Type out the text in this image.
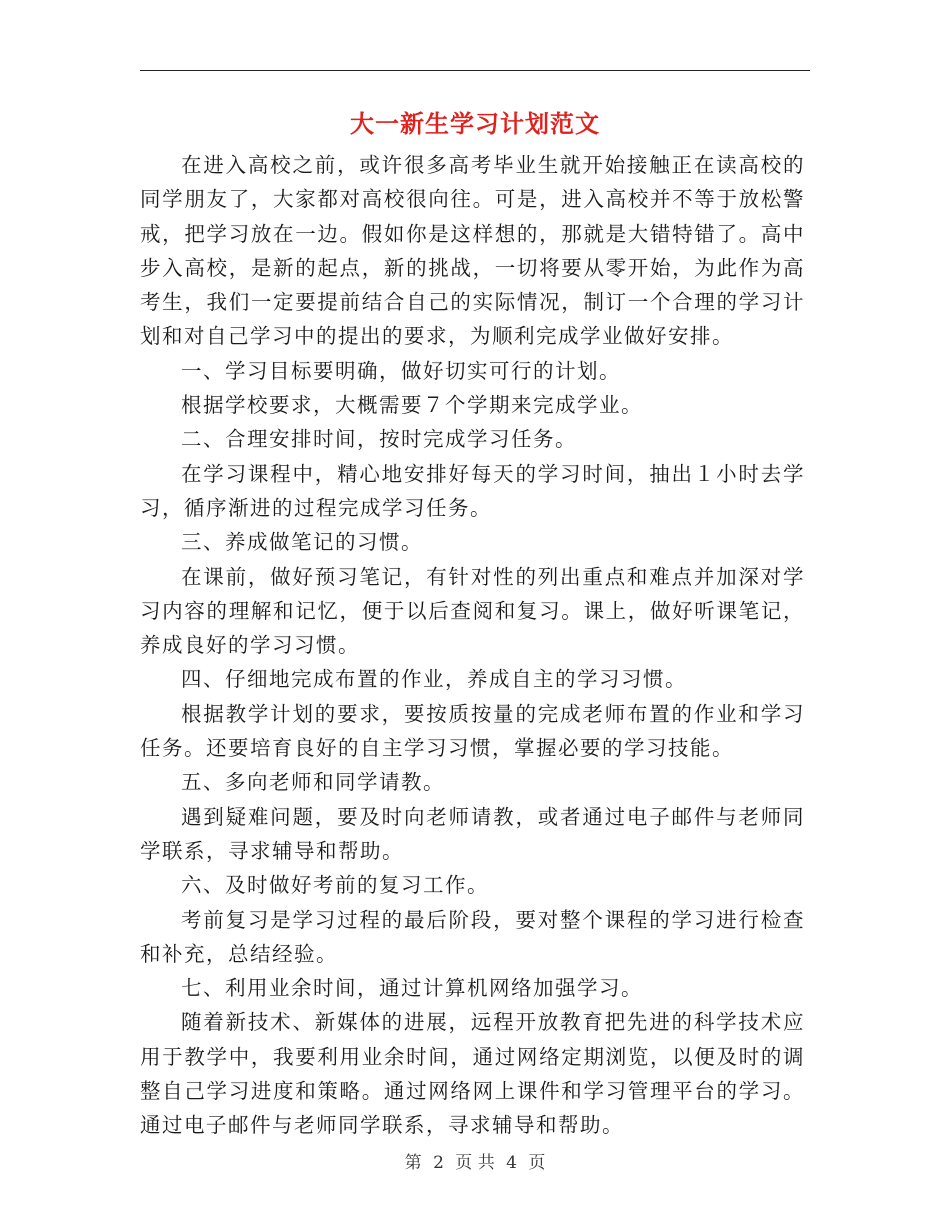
大一新生学习计划范文

在进入高校之前，或许很多高考毕业生就开始接触正在读高校的同学朋友了，大家都对高校很向往。可是，进入高校并不等于放松警戒，把学习放在一边。假如你是这样想的，那就是大错特错了。高中步入高校，是新的起点，新的挑战，一切将要从零开始，为此作为高考生，我们一定要提前结合自己的实际情况，制订一个合理的学习计划和对自己学习中的提出的要求，为顺利完成学业做好安排。

一、学习目标要明确，做好切实可行的计划。

根据学校要求，大概需要７个学期来完成学业。

二、合理安排时间，按时完成学习任务。

在学习课程中，精心地安排好每天的学习时间，抽出１小时去学习，循序渐进的过程完成学习任务。

三、养成做笔记的习惯。

在课前，做好预习笔记，有针对性的列出重点和难点并加深对学习内容的理解和记忆，便于以后查阅和复习。课上，做好听课笔记，养成良好的学习习惯。

四、仔细地完成布置的作业，养成自主的学习习惯。

根据教学计划的要求，要按质按量的完成老师布置的作业和学习任务。还要培育良好的自主学习习惯，掌握必要的学习技能。

五、多向老师和同学请教。

遇到疑难问题，要及时向老师请教，或者通过电子邮件与老师同学联系，寻求辅导和帮助。

六、及时做好考前的复习工作。

考前复习是学习过程的最后阶段，要对整个课程的学习进行检查和补充，总结经验。

七、利用业余时间，通过计算机网络加强学习。

随着新技术、新媒体的进展，远程开放教育把先进的科学技术应用于教学中，我要利用业余时间，通过网络定期浏览，以便及时的调整自己学习进度和策略。通过网络网上课件和学习管理平台的学习。通过电子邮件与老师同学联系，寻求辅导和帮助。

第 2 页 共 4 页
